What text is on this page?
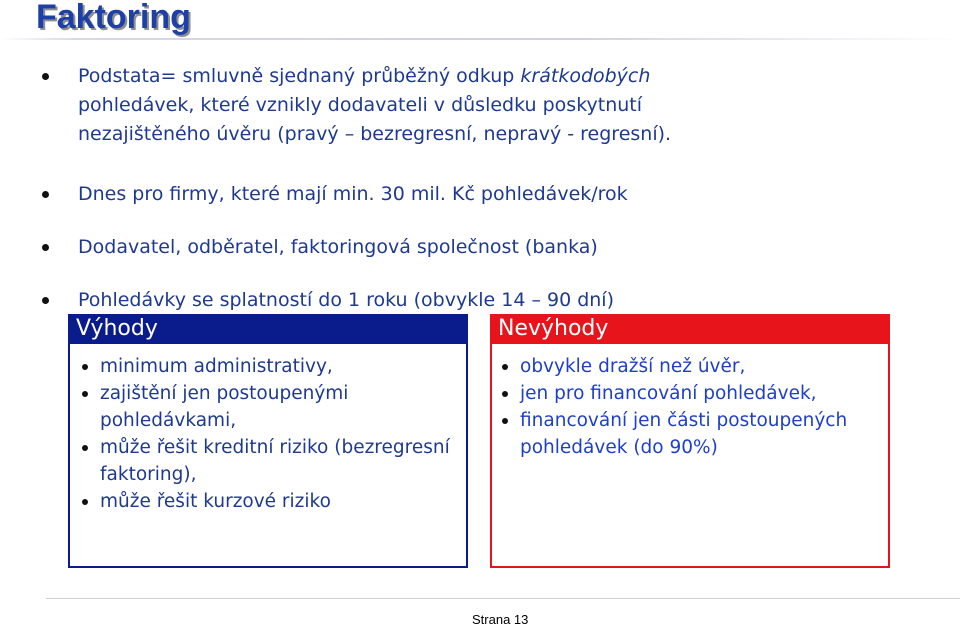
Faktoring
Podstata= smluvně sjednaný průběžný odkup krátkodobých pohledávek, které vznikly dodavateli v důsledku poskytnutí nezajištěného úvěru (pravý – bezregresní, nepravý - regresní).
Dnes pro firmy, které mají min. 30 mil. Kč pohledávek/rok
Dodavatel, odběratel, faktoringová společnost (banka)
Pohledávky se splatností do 1 roku (obvykle 14 – 90 dní)
Výhody
minimum administrativy,
zajištění jen postoupenými pohledávkami,
může řešit kreditní riziko (bezregresní faktoring),
může řešit kurzové riziko
Nevýhody
obvykle dražší než úvěr,
jen pro financování pohledávek,
financování jen části postoupených pohledávek (do 90%)
Strana 13
